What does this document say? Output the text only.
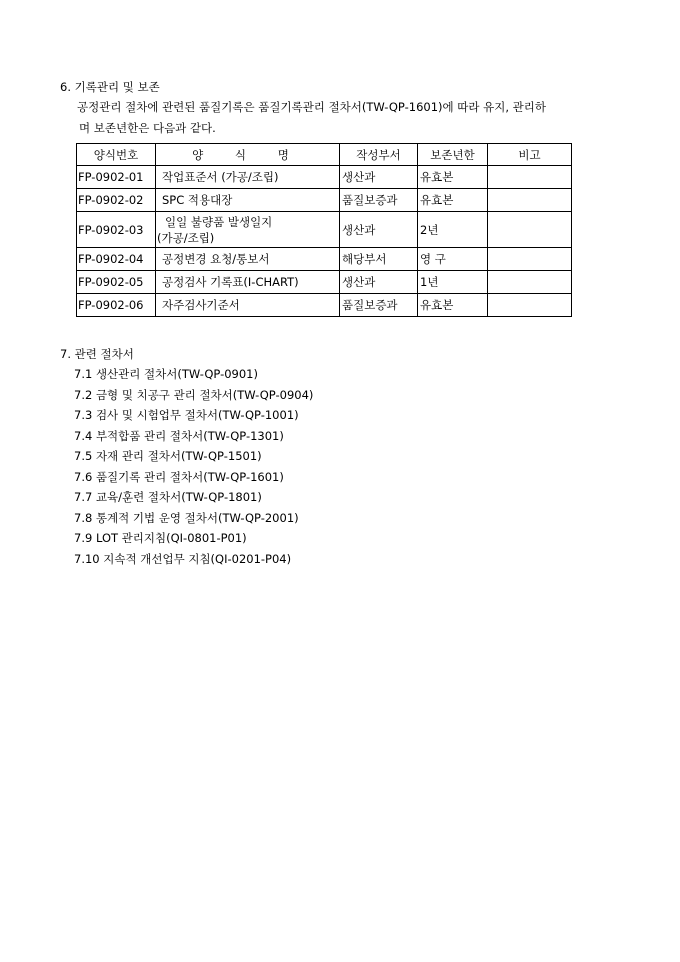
6. 기록관리 및 보존
공정관리 절차에 관련된 품질기록은 품질기록관리 절차서(TW-QP-1601)에 따라 유지, 관리하
며 보존년한은 다음과 같다.
양식번호	양 식 명	작성부서	보존년한	비고
FP-0902-01	작업표준서 (가공/조립)	생산과	유효본	
FP-0902-02	SPC 적용대장	품질보증과	유효본	
FP-0902-03	일일 불량품 발생일지
(가공/조립)	생산과	2년	
FP-0902-04	공정변경 요청/통보서	해당부서	영 구	
FP-0902-05	공정검사 기록표(I-CHART)	생산과	1년	
FP-0902-06	자주검사기준서	품질보증과	유효본	
7. 관련 절차서
7.1 생산관리 절차서(TW-QP-0901)
7.2 금형 및 치공구 관리 절차서(TW-QP-0904)
7.3 검사 및 시험업무 절차서(TW-QP-1001)
7.4 부적합품 관리 절차서(TW-QP-1301)
7.5 자재 관리 절차서(TW-QP-1501)
7.6 품질기록 관리 절차서(TW-QP-1601)
7.7 교육/훈련 절차서(TW-QP-1801)
7.8 통계적 기법 운영 절차서(TW-QP-2001)
7.9 LOT 관리지침(QI-0801-P01)
7.10 지속적 개선업무 지침(QI-0201-P04)
